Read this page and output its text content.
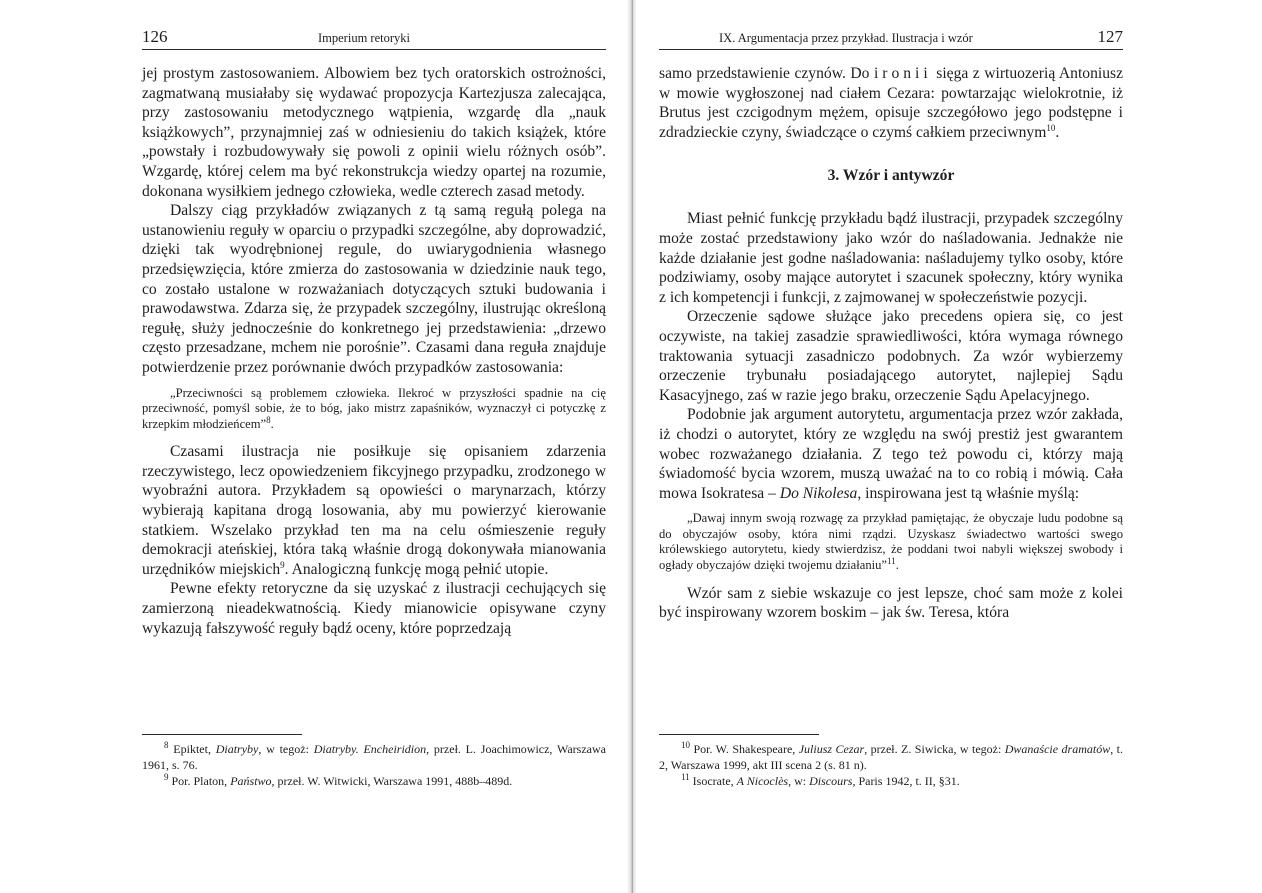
126	Imperium retoryki

jej prostym zastosowaniem. Albowiem bez tych oratorskich ostrożności, zagmatwaną musiałaby się wydawać propozycja Kartezjusza zalecająca, przy zastosowaniu metodycznego wątpienia, wzgardę dla „nauk książkowych”, przynajmniej zaś w odniesieniu do takich książek, które „powstały i rozbudowywały się powoli z opinii wielu różnych osób”. Wzgardę, której celem ma być rekonstrukcja wiedzy opartej na rozumie, dokonana wysiłkiem jednego człowieka, wedle czterech zasad metody.

Dalszy ciąg przykładów związanych z tą samą regułą polega na ustanowieniu reguły w oparciu o przypadki szczególne, aby doprowadzić, dzięki tak wyodrębnionej regule, do uwiarygodnienia własnego przedsięwzięcia, które zmierza do zastosowania w dziedzinie nauk tego, co zostało ustalone w rozważaniach dotyczących sztuki budowania i prawodawstwa. Zdarza się, że przypadek szczególny, ilustrując określoną regułę, służy jednocześnie do konkretnego jej przedstawienia: „drzewo często przesadzane, mchem nie porośnie”. Czasami dana reguła znajduje potwierdzenie przez porównanie dwóch przypadków zastosowania:

„Przeciwności są problemem człowieka. Ilekroć w przyszłości spadnie na cię przeciwność, pomyśl sobie, że to bóg, jako mistrz zapaśników, wyznaczył ci potyczkę z krzepkim młodzieńcem”$^8$.

Czasami ilustracja nie posiłkuje się opisaniem zdarzenia rzeczywistego, lecz opowiedzeniem fikcyjnego przypadku, zrodzonego w wyobraźni autora. Przykładem są opowieści o marynarzach, którzy wybierają kapitana drogą losowania, aby mu powierzyć kierowanie statkiem. Wszelako przykład ten ma na celu ośmieszenie reguły demokracji ateńskiej, która taką właśnie drogą dokonywała mianowania urzędników miejskich$^9$. Analogiczną funkcję mogą pełnić utopie.

Pewne efekty retoryczne da się uzyskać z ilustracji cechujących się zamierzoną nieadekwatnością. Kiedy mianowicie opisywane czyny wykazują fałszywość reguły bądź oceny, które poprzedzają

$^8$ Epiktet, Diatryby, w tegoż: Diatryby. Encheiridion, przeł. L. Joachimowicz, Warszawa 1961, s. 76.

$^9$ Por. Platon, Państwo, przeł. W. Witwicki, Warszawa 1991, 488b–489d.

IX. Argumentacja przez przykład. Ilustracja i wzór	127

samo przedstawienie czynów. Do ironii sięga z wirtuozerią Antoniusz w mowie wygłoszonej nad ciałem Cezara: powtarzając wielokrotnie, iż Brutus jest czcigodnym mężem, opisuje szczegółowo jego podstępne i zdradzieckie czyny, świadczące o czymś całkiem przeciwnym$^{10}$.

3. Wzór i antywzór

Miast pełnić funkcję przykładu bądź ilustracji, przypadek szczególny może zostać przedstawiony jako wzór do naśladowania. Jednakże nie każde działanie jest godne naśladowania: naśladujemy tylko osoby, które podziwiamy, osoby mające autorytet i szacunek społeczny, który wynika z ich kompetencji i funkcji, z zajmowanej w społeczeństwie pozycji.

Orzeczenie sądowe służące jako precedens opiera się, co jest oczywiste, na takiej zasadzie sprawiedliwości, która wymaga równego traktowania sytuacji zasadniczo podobnych. Za wzór wybierzemy orzeczenie trybunału posiadającego autorytet, najlepiej Sądu Kasacyjnego, zaś w razie jego braku, orzeczenie Sądu Apelacyjnego.

Podobnie jak argument autorytetu, argumentacja przez wzór zakłada, iż chodzi o autorytet, który ze względu na swój prestiż jest gwarantem wobec rozważanego działania. Z tego też powodu ci, którzy mają świadomość bycia wzorem, muszą uważać na to co robią i mówią. Cała mowa Isokratesa – Do Nikolesa, inspirowana jest tą właśnie myślą:

„Dawaj innym swoją rozwagę za przykład pamiętając, że obyczaje ludu podobne są do obyczajów osoby, która nimi rządzi. Uzyskasz świadectwo wartości swego królewskiego autorytetu, kiedy stwierdzisz, że poddani twoi nabyli większej swobody i ogłady obyczajów dzięki twojemu działaniu”$^{11}$.

Wzór sam z siebie wskazuje co jest lepsze, choć sam może z kolei być inspirowany wzorem boskim – jak św. Teresa, która

$^{10}$ Por. W. Shakespeare, Juliusz Cezar, przeł. Z. Siwicka, w tegoż: Dwanaście dramatów, t. 2, Warszawa 1999, akt III scena 2 (s. 81 n).

$^{11}$ Isocrate, A Nicoclès, w: Discours, Paris 1942, t. II, §31.
